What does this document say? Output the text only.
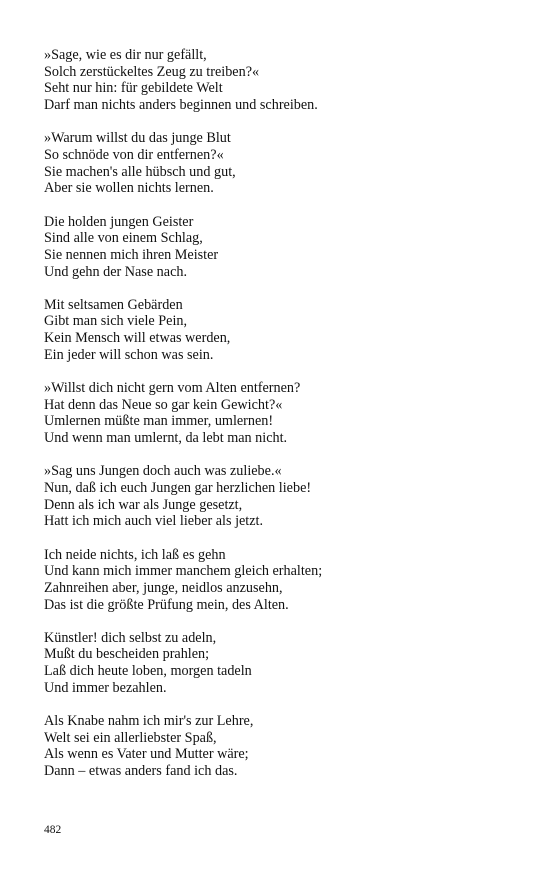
»Sage, wie es dir nur gefällt,
Solch zerstückeltes Zeug zu treiben?«
Seht nur hin: für gebildete Welt
Darf man nichts anders beginnen und schreiben.
»Warum willst du das junge Blut
So schnöde von dir entfernen?«
Sie machen's alle hübsch und gut,
Aber sie wollen nichts lernen.
Die holden jungen Geister
Sind alle von einem Schlag,
Sie nennen mich ihren Meister
Und gehn der Nase nach.
Mit seltsamen Gebärden
Gibt man sich viele Pein,
Kein Mensch will etwas werden,
Ein jeder will schon was sein.
»Willst dich nicht gern vom Alten entfernen?
Hat denn das Neue so gar kein Gewicht?«
Umlernen müßte man immer, umlernen!
Und wenn man umlernt, da lebt man nicht.
»Sag uns Jungen doch auch was zuliebe.«
Nun, daß ich euch Jungen gar herzlichen liebe!
Denn als ich war als Junge gesetzt,
Hatt ich mich auch viel lieber als jetzt.
Ich neide nichts, ich laß es gehn
Und kann mich immer manchem gleich erhalten;
Zahnreihen aber, junge, neidlos anzusehn,
Das ist die größte Prüfung mein, des Alten.
Künstler! dich selbst zu adeln,
Mußt du bescheiden prahlen;
Laß dich heute loben, morgen tadeln
Und immer bezahlen.
Als Knabe nahm ich mir's zur Lehre,
Welt sei ein allerliebster Spaß,
Als wenn es Vater und Mutter wäre;
Dann – etwas anders fand ich das.
482
